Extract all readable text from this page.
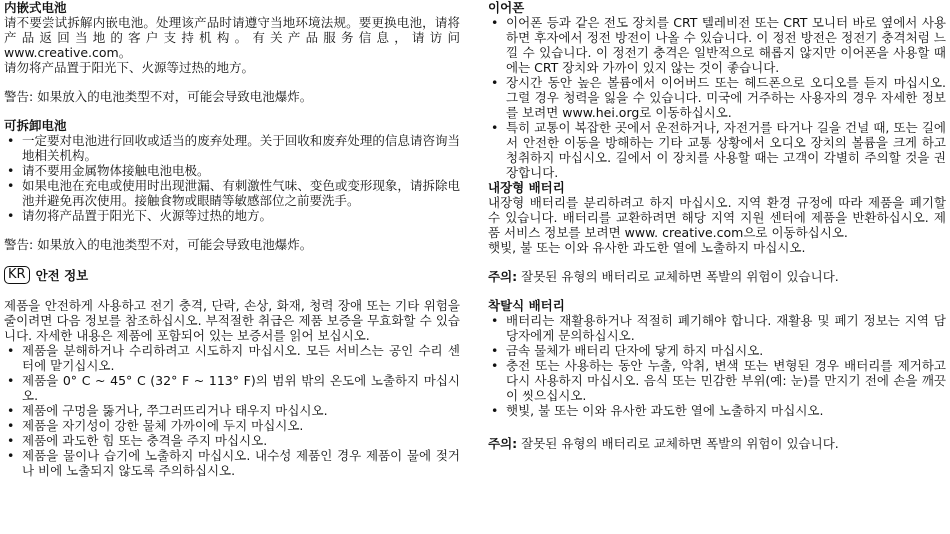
内嵌式电池

请不要尝试拆解内嵌电池。处理该产品时请遵守当地环境法规。要更换电池，请将产品返回当地的客户支持机构。有关产品服务信息，请访问 www.creative.com。

请勿将产品置于阳光下、火源等过热的地方。

警告: 如果放入的电池类型不对，可能会导致电池爆炸。

可拆卸电池
• 一定要对电池进行回收或适当的废弃处理。关于回收和废弃处理的信息请咨询当地相关机构。
• 请不要用金属物体接触电池电极。
• 如果电池在充电或使用时出现泄漏、有刺激性气味、变色或变形现象，请拆除电池并避免再次使用。接触食物或眼睛等敏感部位之前要洗手。
• 请勿将产品置于阳光下、火源等过热的地方。

警告: 如果放入的电池类型不对，可能会导致电池爆炸。

KR 안전 정보

제품을 안전하게 사용하고 전기 충격, 단락, 손상, 화재, 청력 장애 또는 기타 위험을 줄이려면 다음 정보를 참조하십시오. 부적절한 취급은 제품 보증을 무효화할 수 있습니다. 자세한 내용은 제품에 포함되어 있는 보증서를 읽어 보십시오.

• 제품을 분해하거나 수리하려고 시도하지 마십시오. 모든 서비스는 공인 수리 센터에 맡기십시오.
• 제품을 0° C ~ 45° C (32° F ~ 113° F)의 범위 밖의 온도에 노출하지 마십시오.
• 제품에 구멍을 뚫거나, 쭈그러뜨리거나 태우지 마십시오.
• 제품을 자기성이 강한 물체 가까이에 두지 마십시오.
• 제품에 과도한 힘 또는 충격을 주지 마십시오.
• 제품을 물이나 습기에 노출하지 마십시오. 내수성 제품인 경우 제품이 물에 젖거나 비에 노출되지 않도록 주의하십시오.
이어폰
• 이어폰 등과 같은 전도 장치를 CRT 텔레비전 또는 CRT 모니터 바로 옆에서 사용하면 후자에서 정전 방전이 나올 수 있습니다. 이 정전 방전은 정전기 충격처럼 느낄 수 있습니다. 이 정전기 충격은 일반적으로 해롭지 않지만 이어폰을 사용할 때에는 CRT 장치와 가까이 있지 않는 것이 좋습니다.
• 장시간 동안 높은 볼륨에서 이어버드 또는 헤드폰으로 오디오를 듣지 마십시오. 그럴 경우 청력을 잃을 수 있습니다. 미국에 거주하는 사용자의 경우 자세한 정보를 보려면 www.hei.org로 이동하십시오.
• 특히 교통이 복잡한 곳에서 운전하거나, 자전거를 타거나 길을 건널 때, 또는 길에서 안전한 이동을 방해하는 기타 교통 상황에서 오디오 장치의 볼륨을 크게 하고 청취하지 마십시오. 길에서 이 장치를 사용할 때는 고객이 각별히 주의할 것을 권장합니다.
내장형 배터리

내장형 배터리를 분리하려고 하지 마십시오. 지역 환경 규정에 따라 제품을 폐기할 수 있습니다. 배터리를 교환하려면 해당 지역 지원 센터에 제품을 반환하십시오. 제품 서비스 정보를 보려면 www. creative.com으로 이동하십시오.

햇빛, 불 또는 이와 유사한 과도한 열에 노출하지 마십시오.

주의: 잘못된 유형의 배터리로 교체하면 폭발의 위험이 있습니다.

착탈식 배터리
• 배터리는 재활용하거나 적절히 폐기해야 합니다. 재활용 및 폐기 정보는 지역 담당자에게 문의하십시오.
• 금속 물체가 배터리 단자에 닿게 하지 마십시오.
• 충전 또는 사용하는 동안 누출, 악취, 변색 또는 변형된 경우 배터리를 제거하고 다시 사용하지 마십시오. 음식 또는 민감한 부위(예: 눈)를 만지기 전에 손을 깨끗이 씻으십시오.
• 햇빛, 불 또는 이와 유사한 과도한 열에 노출하지 마십시오.

주의: 잘못된 유형의 배터리로 교체하면 폭발의 위험이 있습니다.
